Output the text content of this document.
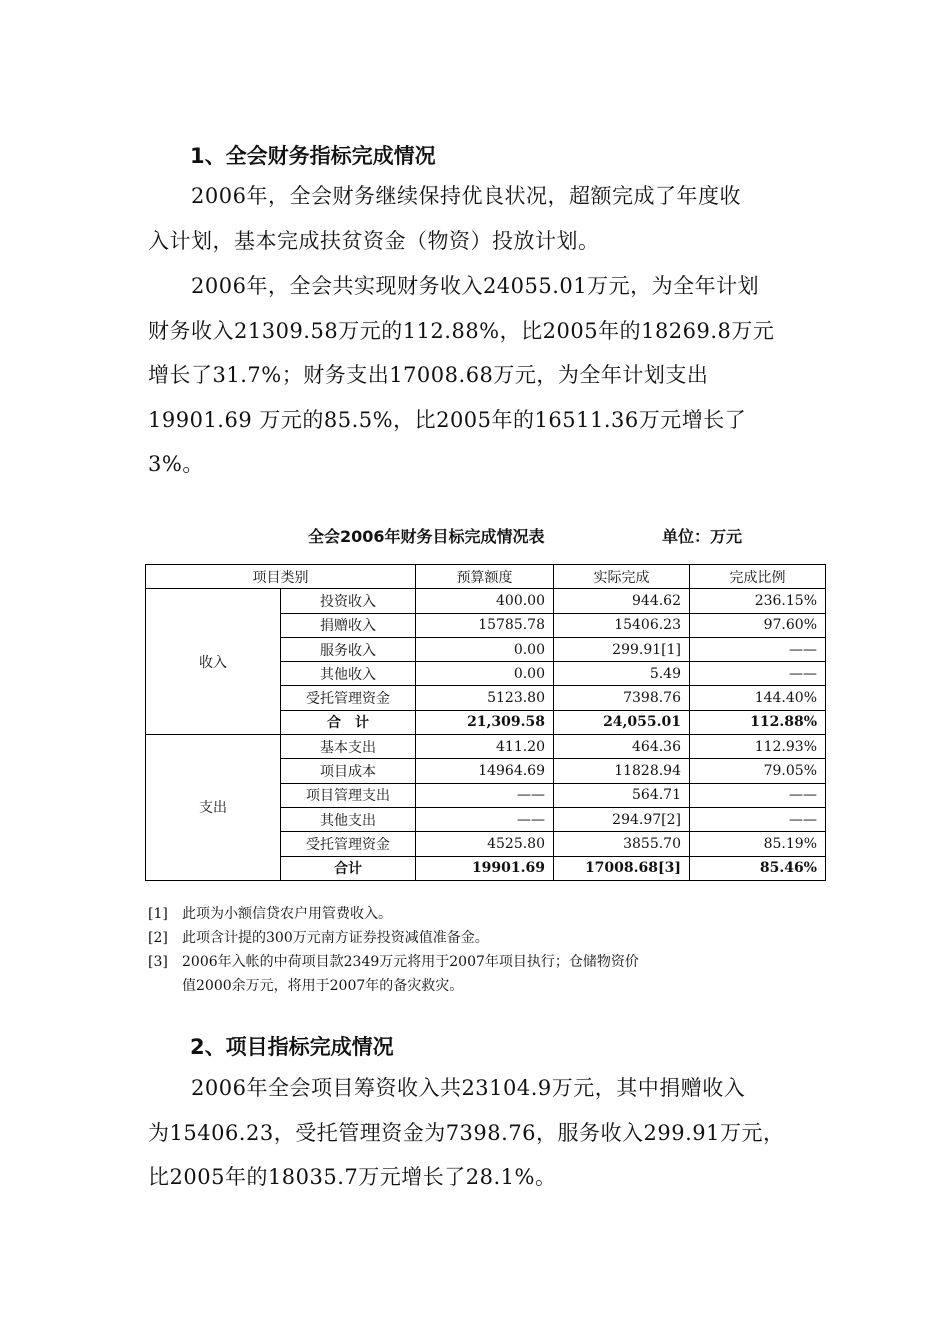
1、全会财务指标完成情况
2006年，全会财务继续保持优良状况，超额完成了年度收
入计划，基本完成扶贫资金（物资）投放计划。
2006年，全会共实现财务收入24055.01万元，为全年计划
财务收入21309.58万元的112.88%，比2005年的18269.8万元
增长了31.7%；财务支出17008.68万元，为全年计划支出
19901.69 万元的85.5%，比2005年的16511.36万元增长了
3%。
全会2006年财务目标完成情况表	单位：万元
项目类别		预算额度	实际完成	完成比例
收入	投资收入	400.00	944.62	236.15%
	捐赠收入	15785.78	15406.23	97.60%
	服务收入	0.00	299.91[1]	——
	其他收入	0.00	5.49	——
	受托管理资金	5123.80	7398.76	144.40%
	合　计	21,309.58	24,055.01	112.88%
支出	基本支出	411.20	464.36	112.93%
	项目成本	14964.69	11828.94	79.05%
	项目管理支出	——	564.71	——
	其他支出	——	294.97[2]	——
	受托管理资金	4525.80	3855.70	85.19%
	合计	19901.69	17008.68[3]	85.46%
[1]	此项为小额信贷农户用管费收入。
[2]	此项含计提的300万元南方证券投资减值准备金。
[3]	2006年入帐的中荷项目款2349万元将用于2007年项目执行；仓储物资价
值2000余万元，将用于2007年的备灾救灾。
2、项目指标完成情况
2006年全会项目筹资收入共23104.9万元，其中捐赠收入
为15406.23，受托管理资金为7398.76，服务收入299.91万元，
比2005年的18035.7万元增长了28.1%。
